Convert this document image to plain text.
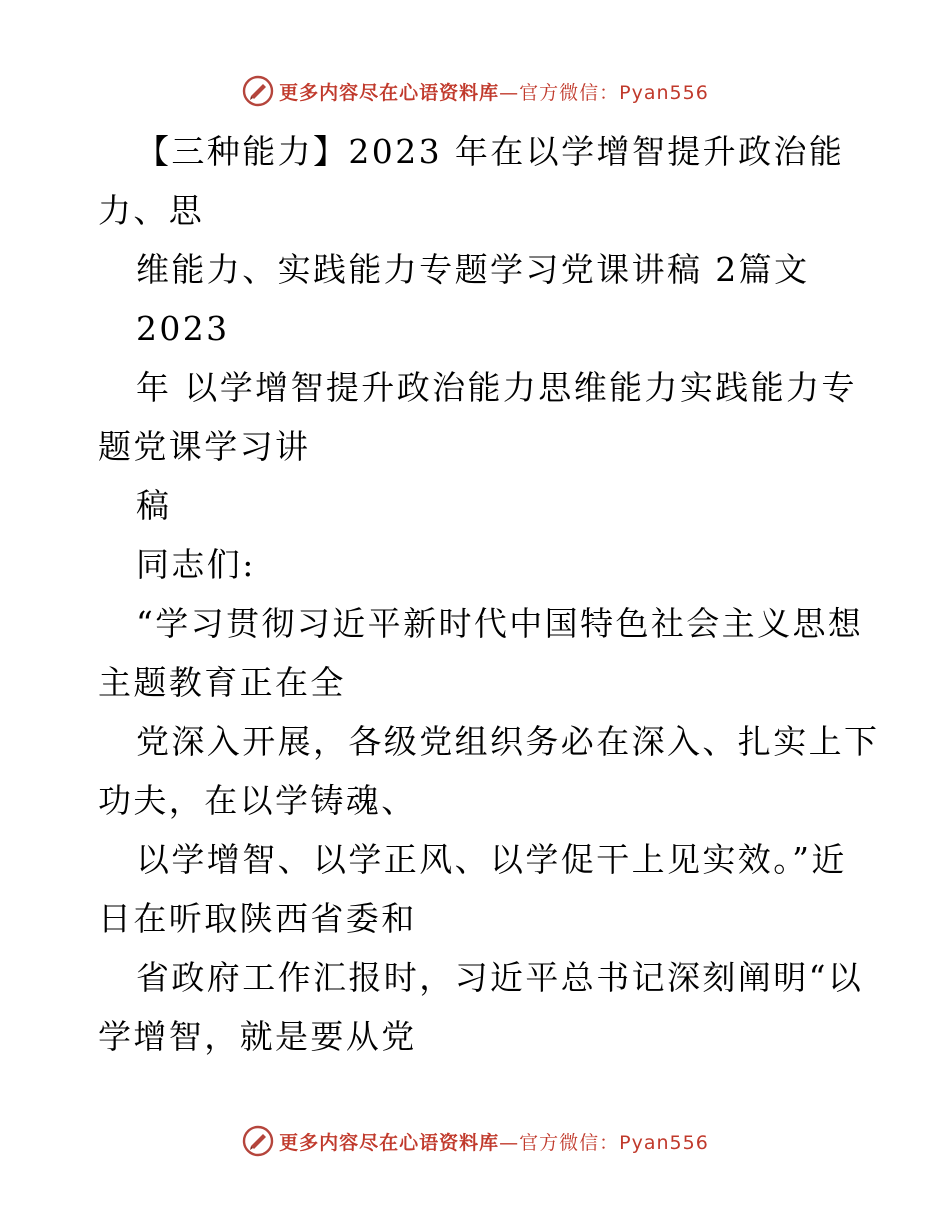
更多内容尽在心语资料库—官方微信：Pyan556
【三种能力】2023 年在以学增智提升政治能
力、思
维能力、实践能力专题学习党课讲稿 2篇文
2023
年 以学增智提升政治能力思维能力实践能力专
题党课学习讲
稿
同志们:
“学习贯彻习近平新时代中国特色社会主义思想
主题教育正在全
党深入开展，各级党组织务必在深入、扎实上下
功夫，在以学铸魂、
以学增智、以学正风、以学促干上见实效。”近
日在听取陕西省委和
省政府工作汇报时，习近平总书记深刻阐明“以
学增智，就是要从党
更多内容尽在心语资料库—官方微信：Pyan556
